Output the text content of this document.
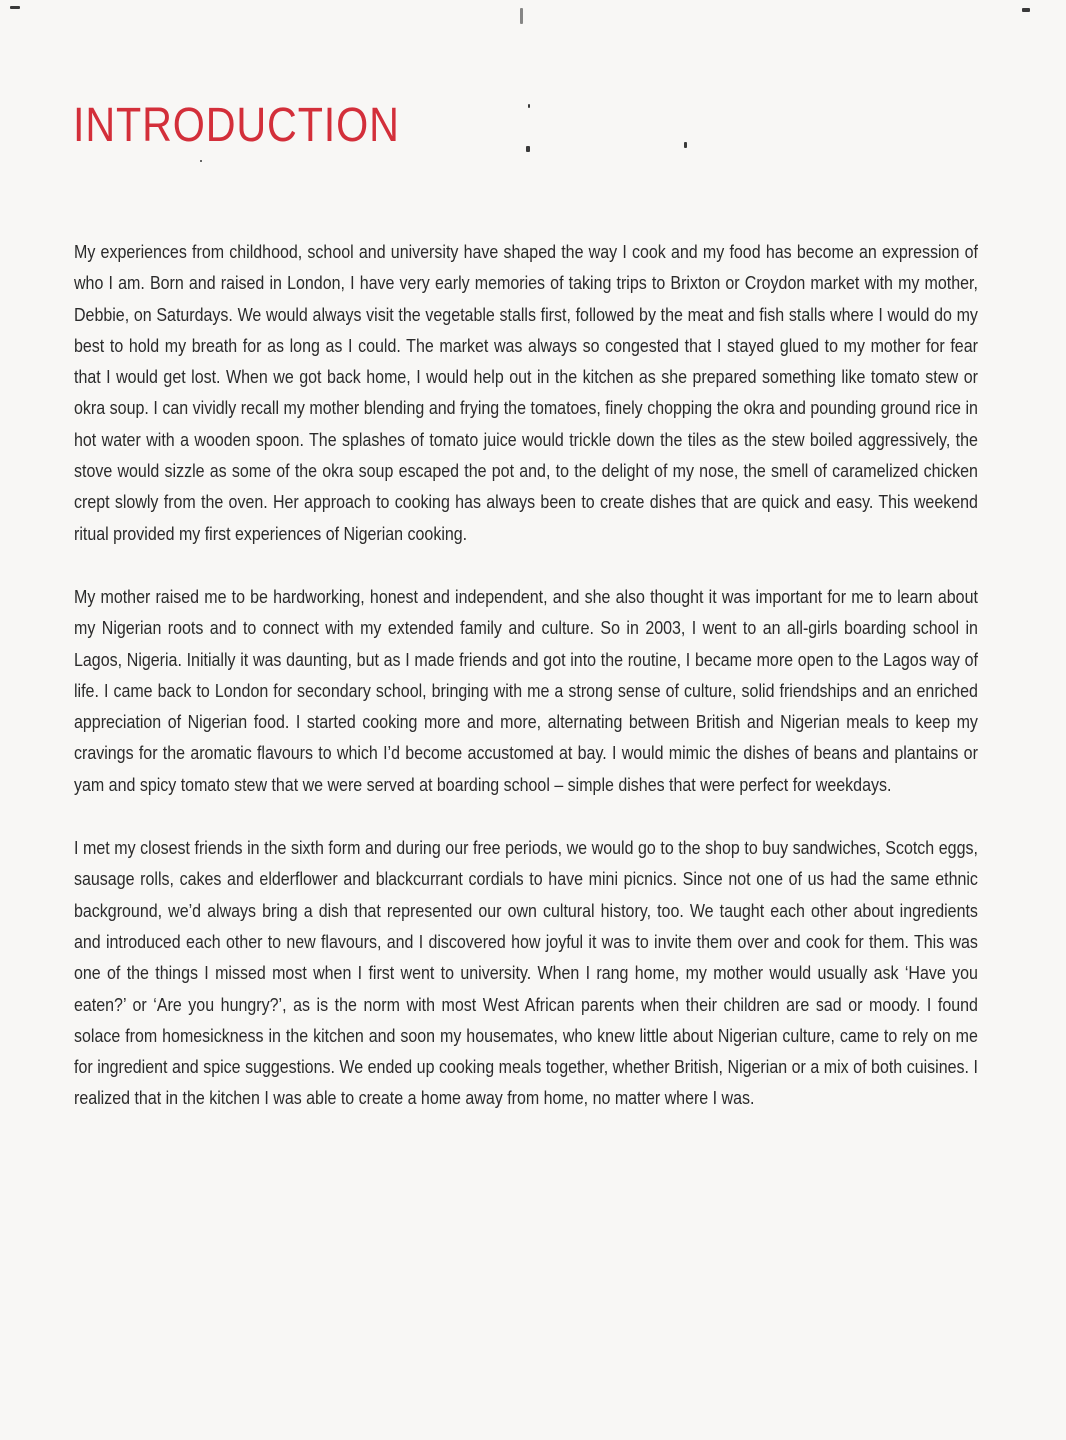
INTRODUCTION

My experiences from childhood, school and university have shaped the way I cook and my food has become an expression of who I am. Born and raised in London, I have very early memories of taking trips to Brixton or Croydon market with my mother, Debbie, on Saturdays. We would always visit the vegetable stalls first, followed by the meat and fish stalls where I would do my best to hold my breath for as long as I could. The market was always so congested that I stayed glued to my mother for fear that I would get lost. When we got back home, I would help out in the kitchen as she prepared something like tomato stew or okra soup. I can vividly recall my mother blending and frying the tomatoes, finely chopping the okra and pounding ground rice in hot water with a wooden spoon. The splashes of tomato juice would trickle down the tiles as the stew boiled aggressively, the stove would sizzle as some of the okra soup escaped the pot and, to the delight of my nose, the smell of caramelized chicken crept slowly from the oven. Her approach to cooking has always been to create dishes that are quick and easy. This weekend ritual provided my first experiences of Nigerian cooking.

My mother raised me to be hardworking, honest and independent, and she also thought it was important for me to learn about my Nigerian roots and to connect with my extended family and culture. So in 2003, I went to an all-girls boarding school in Lagos, Nigeria. Initially it was daunting, but as I made friends and got into the routine, I became more open to the Lagos way of life. I came back to London for secondary school, bringing with me a strong sense of culture, solid friendships and an enriched appreciation of Nigerian food. I started cooking more and more, alternating between British and Nigerian meals to keep my cravings for the aromatic flavours to which I’d become accustomed at bay. I would mimic the dishes of beans and plantains or yam and spicy tomato stew that we were served at boarding school – simple dishes that were perfect for weekdays.

I met my closest friends in the sixth form and during our free periods, we would go to the shop to buy sandwiches, Scotch eggs, sausage rolls, cakes and elderflower and blackcurrant cordials to have mini picnics. Since not one of us had the same ethnic background, we’d always bring a dish that represented our own cultural history, too. We taught each other about ingredients and introduced each other to new flavours, and I discovered how joyful it was to invite them over and cook for them. This was one of the things I missed most when I first went to university. When I rang home, my mother would usually ask ‘Have you eaten?’ or ‘Are you hungry?’, as is the norm with most West African parents when their children are sad or moody. I found solace from homesickness in the kitchen and soon my housemates, who knew little about Nigerian culture, came to rely on me for ingredient and spice suggestions. We ended up cooking meals together, whether British, Nigerian or a mix of both cuisines. I realized that in the kitchen I was able to create a home away from home, no matter where I was.
